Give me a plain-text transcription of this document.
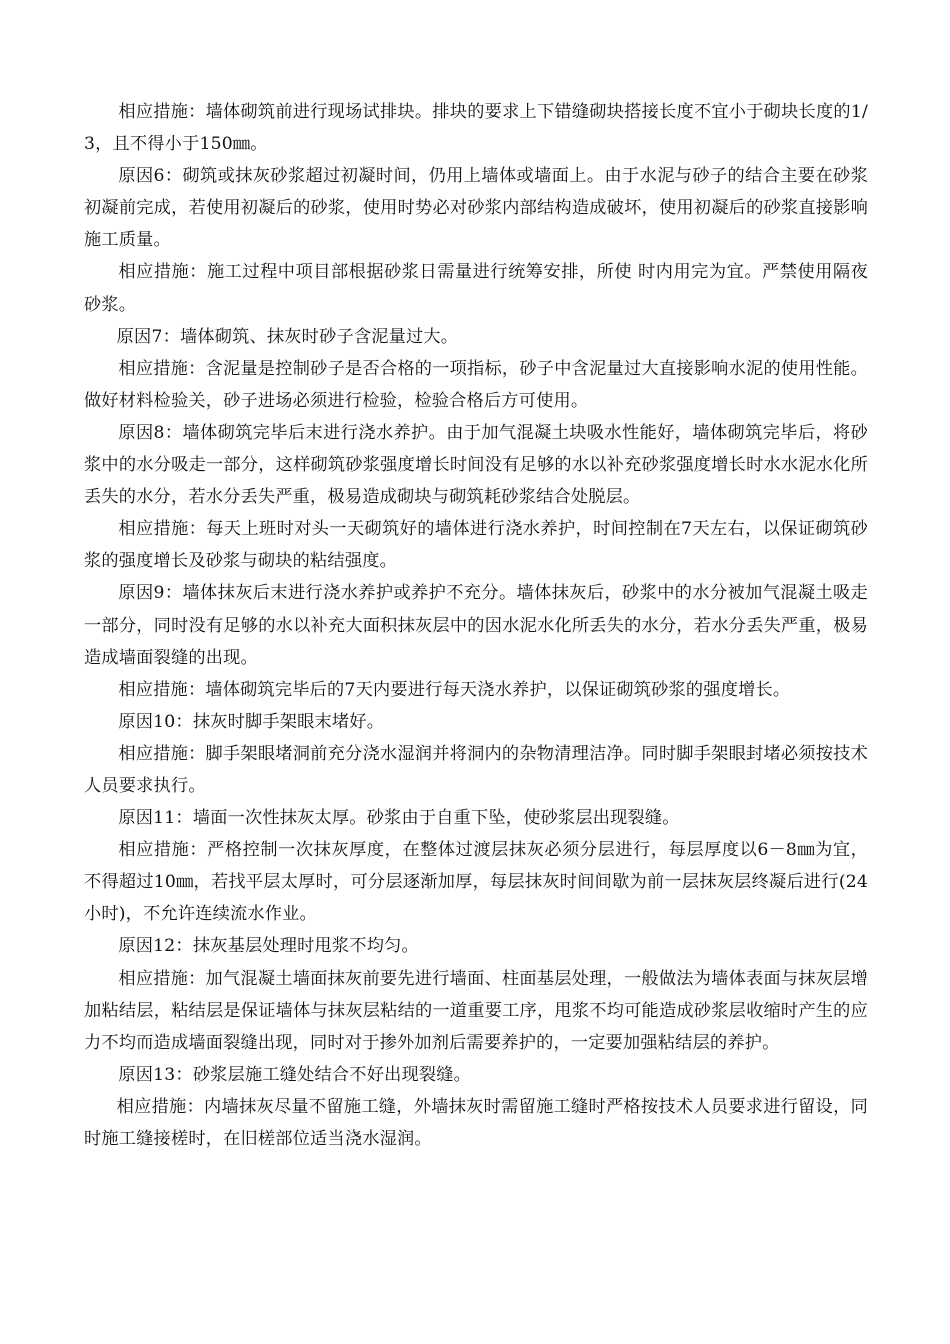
相应措施：墙体砌筑前进行现场试排块。排块的要求上下错缝砌块搭接长度不宜小于砌块长度的1/3，且不得小于150㎜。

原因6：砌筑或抹灰砂浆超过初凝时间，仍用上墙体或墙面上。由于水泥与砂子的结合主要在砂浆初凝前完成，若使用初凝后的砂浆，使用时势必对砂浆内部结构造成破坏，使用初凝后的砂浆直接影响施工质量。

相应措施：施工过程中项目部根据砂浆日需量进行统筹安排，所使 时内用完为宜。严禁使用隔夜砂浆。

原因7：墙体砌筑、抹灰时砂子含泥量过大。

相应措施：含泥量是控制砂子是否合格的一项指标，砂子中含泥量过大直接影响水泥的使用性能。做好材料检验关，砂子进场必须进行检验，检验合格后方可使用。

原因8：墙体砌筑完毕后末进行浇水养护。由于加气混凝土块吸水性能好，墙体砌筑完毕后，将砂浆中的水分吸走一部分，这样砌筑砂浆强度增长时间没有足够的水以补充砂浆强度增长时水水泥水化所丢失的水分，若水分丢失严重，极易造成砌块与砌筑耗砂浆结合处脱层。

相应措施：每天上班时对头一天砌筑好的墙体进行浇水养护，时间控制在7天左右，以保证砌筑砂浆的强度增长及砂浆与砌块的粘结强度。

原因9：墙体抹灰后末进行浇水养护或养护不充分。墙体抹灰后，砂浆中的水分被加气混凝土吸走一部分，同时没有足够的水以补充大面积抹灰层中的因水泥水化所丢失的水分，若水分丢失严重，极易造成墙面裂缝的出现。

相应措施：墙体砌筑完毕后的7天内要进行每天浇水养护，以保证砌筑砂浆的强度增长。

原因10：抹灰时脚手架眼末堵好。

相应措施：脚手架眼堵洞前充分浇水湿润并将洞内的杂物清理洁净。同时脚手架眼封堵必须按技术人员要求执行。

原因11：墙面一次性抹灰太厚。砂浆由于自重下坠，使砂浆层出现裂缝。

相应措施：严格控制一次抹灰厚度，在整体过渡层抹灰必须分层进行，每层厚度以6－8㎜为宜，不得超过10㎜，若找平层太厚时，可分层逐渐加厚，每层抹灰时间间歇为前一层抹灰层终凝后进行(24小时)，不允许连续流水作业。

原因12：抹灰基层处理时甩浆不均匀。

相应措施：加气混凝土墙面抹灰前要先进行墙面、柱面基层处理，一般做法为墙体表面与抹灰层增加粘结层，粘结层是保证墙体与抹灰层粘结的一道重要工序，甩浆不均可能造成砂浆层收缩时产生的应力不均而造成墙面裂缝出现，同时对于掺外加剂后需要养护的，一定要加强粘结层的养护。

原因13：砂浆层施工缝处结合不好出现裂缝。

相应措施：内墙抹灰尽量不留施工缝，外墙抹灰时需留施工缝时严格按技术人员要求进行留设，同时施工缝接槎时，在旧槎部位适当浇水湿润。
